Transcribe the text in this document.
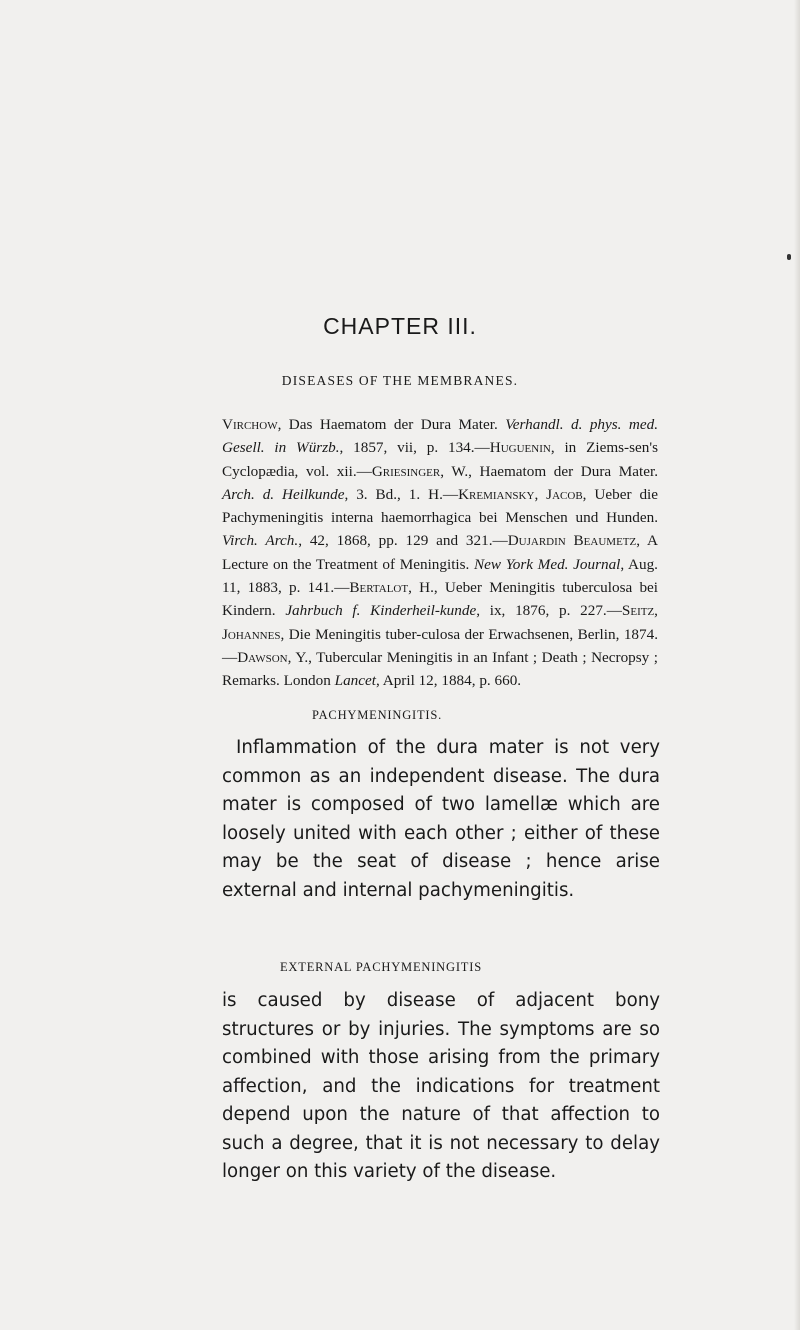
CHAPTER III.
DISEASES OF THE MEMBRANES.
Virchow, Das Haematom der Dura Mater. Verhandl. d. phys. med. Gesell. in Würzb., 1857, vii, p. 134.—Huguenin, in Ziems-sen's Cyclopædia, vol. xii.—Griesinger, W., Haematom der Dura Mater. Arch. d. Heilkunde, 3. Bd., 1. H.—Kremiansky, Jacob, Ueber die Pachymeningitis interna haemorrhagica bei Menschen und Hunden. Virch. Arch., 42, 1868, pp. 129 and 321.—Dujardin Beaumetz, A Lecture on the Treatment of Meningitis. New York Med. Journal, Aug. 11, 1883, p. 141.—Bertalot, H., Ueber Meningitis tuberculosa bei Kindern. Jahrbuch f. Kinderheil-kunde, ix, 1876, p. 227.—Seitz, Johannes, Die Meningitis tuber-culosa der Erwachsenen, Berlin, 1874.—Dawson, Y., Tubercular Meningitis in an Infant ; Death ; Necropsy ; Remarks. London Lancet, April 12, 1884, p. 660.
PACHYMENINGITIS.
Inflammation of the dura mater is not very common as an independent disease. The dura mater is composed of two lamellæ which are loosely united with each other ; either of these may be the seat of disease ; hence arise external and internal pachymeningitis.
EXTERNAL PACHYMENINGITIS
is caused by disease of adjacent bony structures or by injuries. The symptoms are so combined with those arising from the primary affection, and the indications for treatment depend upon the nature of that affection to such a degree, that it is not necessary to delay longer on this variety of the disease.
